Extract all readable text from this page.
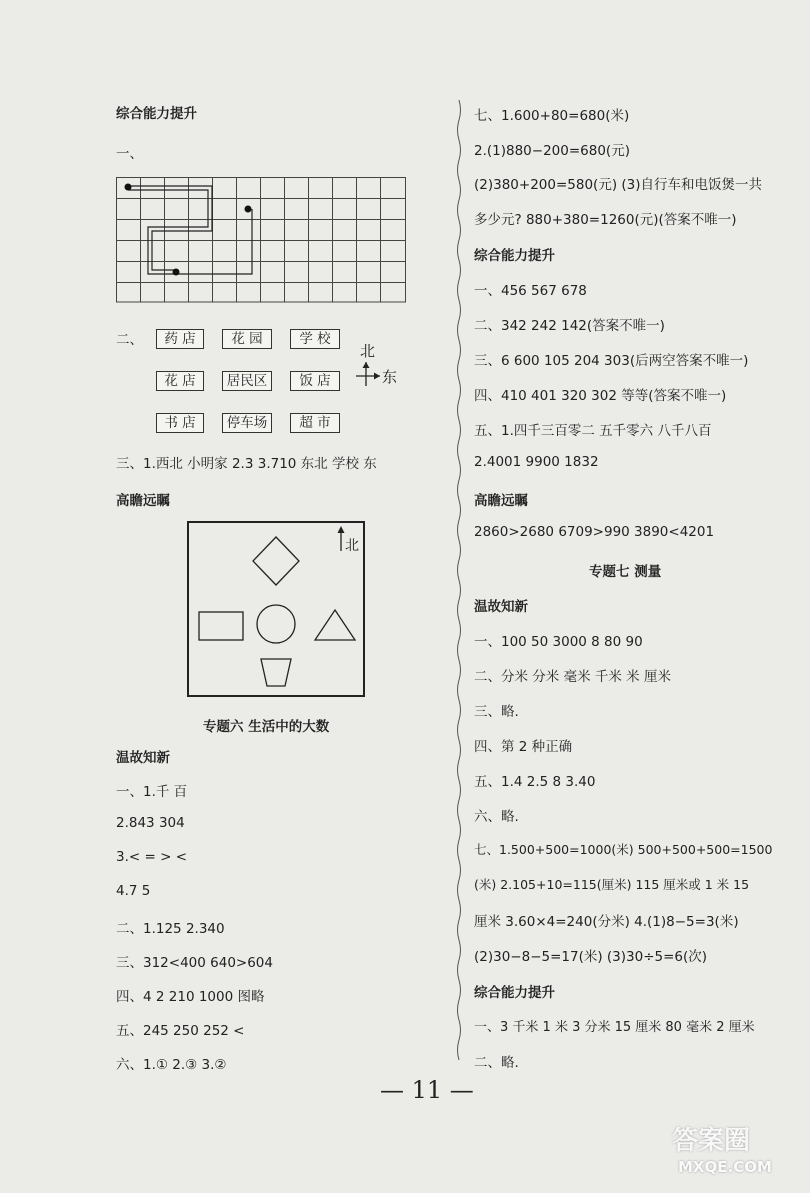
综合能力提升
一、
二、	药 店	花 园	学 校
花 店	居民区	饭 店
书 店	停车场	超 市
北
东
三、1.西北 小明家 2.3 3.710 东北 学校 东
高瞻远瞩
北
专题六 生活中的大数
温故知新
一、1.千 百
2.843 304
3.< = > <
4.7 5
二、1.125 2.340
三、312<400 640>604
四、4 2 210 1000 图略
五、245 250 252 <
六、1.① 2.③ 3.②
七、1.600+80=680(米)
2.(1)880−200=680(元)
(2)380+200=580(元) (3)自行车和电饭煲一共
多少元? 880+380=1260(元)(答案不唯一)
综合能力提升
一、456 567 678
二、342 242 142(答案不唯一)
三、6 600 105 204 303(后两空答案不唯一)
四、410 401 320 302 等等(答案不唯一)
五、1.四千三百零二 五千零六 八千八百
2.4001 9900 1832
高瞻远瞩
2860>2680 6709>990 3890<4201
专题七 测量
温故知新
一、100 50 3000 8 80 90
二、分米 分米 毫米 千米 米 厘米
三、略.
四、第 2 种正确
五、1.4 2.5 8 3.40
六、略.
七、1.500+500=1000(米) 500+500+500=1500
(米) 2.105+10=115(厘米) 115 厘米或 1 米 15
厘米 3.60×4=240(分米) 4.(1)8−5=3(米)
(2)30−8−5=17(米) (3)30÷5=6(次)
综合能力提升
一、3 千米 1 米 3 分米 15 厘米 80 毫米 2 厘米
二、略.
— 11 —
答案圈
MXQE.COM
